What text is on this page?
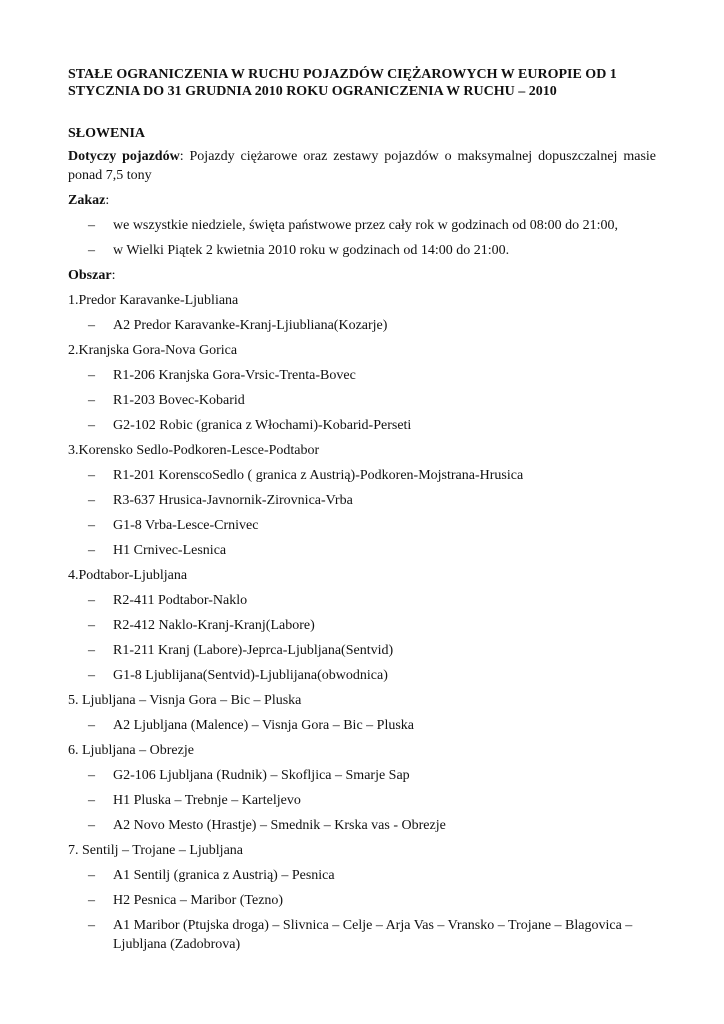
STAŁE OGRANICZENIA W RUCHU POJAZDÓW CIĘŻAROWYCH W EUROPIE OD 1 STYCZNIA DO 31 GRUDNIA 2010 ROKU OGRANICZENIA W RUCHU – 2010
SŁOWENIA
Dotyczy pojazdów: Pojazdy ciężarowe oraz zestawy pojazdów o maksymalnej dopuszczalnej masie ponad 7,5 tony
Zakaz:
– we wszystkie niedziele, święta państwowe przez cały rok w godzinach od 08:00 do 21:00,
– w Wielki Piątek 2 kwietnia 2010 roku w godzinach od 14:00 do 21:00.
Obszar:
1.Predor Karavanke-Ljubliana
– A2 Predor Karavanke-Kranj-Ljiubliana(Kozarje)
2.Kranjska Gora-Nova Gorica
– R1-206 Kranjska Gora-Vrsic-Trenta-Bovec
– R1-203 Bovec-Kobarid
– G2-102 Robic (granica z Włochami)-Kobarid-Perseti
3.Korensko Sedlo-Podkoren-Lesce-Podtabor
– R1-201 KorenscoSedlo ( granica z Austrią)-Podkoren-Mojstrana-Hrusica
– R3-637 Hrusica-Javnornik-Zirovnica-Vrba
– G1-8 Vrba-Lesce-Crnivec
– H1 Crnivec-Lesnica
4.Podtabor-Ljubljana
– R2-411 Podtabor-Naklo
– R2-412 Naklo-Kranj-Kranj(Labore)
– R1-211 Kranj (Labore)-Jeprca-Ljubljana(Sentvid)
– G1-8 Ljublijana(Sentvid)-Ljublijana(obwodnica)
5. Ljubljana – Visnja Gora – Bic – Pluska
– A2 Ljubljana (Malence) – Visnja Gora – Bic – Pluska
6. Ljubljana – Obrezje
– G2-106 Ljubljana (Rudnik) – Skofljica – Smarje Sap
– H1 Pluska – Trebnje – Karteljevo
– A2 Novo Mesto (Hrastje) – Smednik – Krska vas - Obrezje
7. Sentilj – Trojane – Ljubljana
– A1 Sentilj (granica z Austrią) – Pesnica
– H2 Pesnica – Maribor (Tezno)
– A1 Maribor (Ptujska droga) – Slivnica – Celje – Arja Vas – Vransko – Trojane – Blagovica – Ljubljana (Zadobrova)
